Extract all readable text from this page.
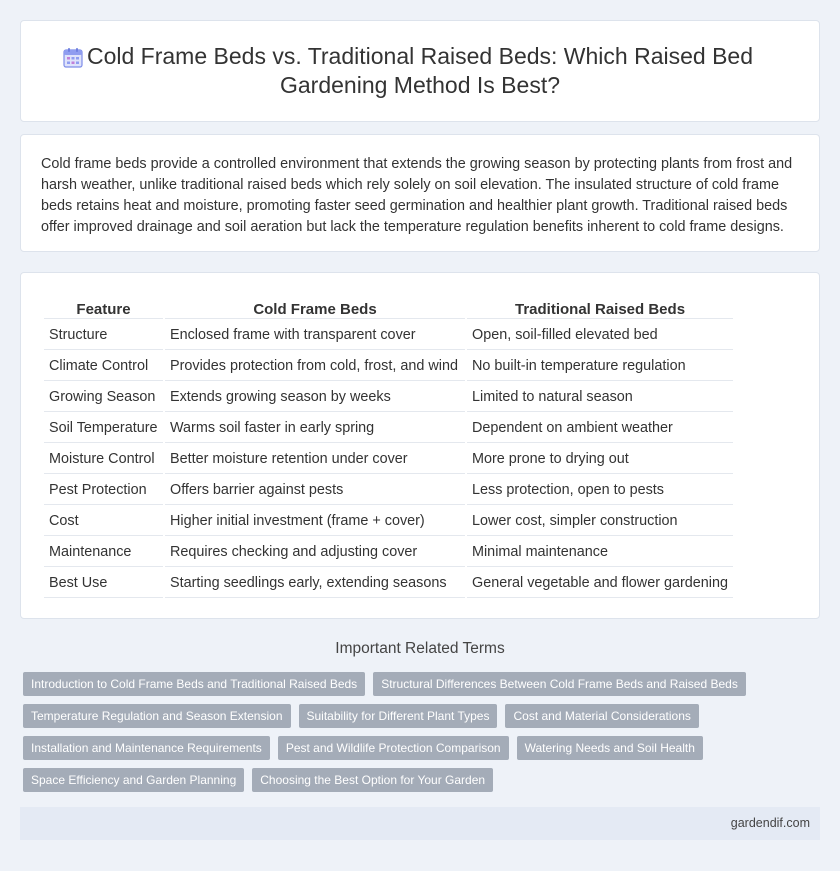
Cold Frame Beds vs. Traditional Raised Beds: Which Raised Bed Gardening Method Is Best?

Cold frame beds provide a controlled environment that extends the growing season by protecting plants from frost and harsh weather, unlike traditional raised beds which rely solely on soil elevation. The insulated structure of cold frame beds retains heat and moisture, promoting faster seed germination and healthier plant growth. Traditional raised beds offer improved drainage and soil aeration but lack the temperature regulation benefits inherent to cold frame designs.

Feature	Cold Frame Beds	Traditional Raised Beds
Structure	Enclosed frame with transparent cover	Open, soil-filled elevated bed
Climate Control	Provides protection from cold, frost, and wind	No built-in temperature regulation
Growing Season	Extends growing season by weeks	Limited to natural season
Soil Temperature	Warms soil faster in early spring	Dependent on ambient weather
Moisture Control	Better moisture retention under cover	More prone to drying out
Pest Protection	Offers barrier against pests	Less protection, open to pests
Cost	Higher initial investment (frame + cover)	Lower cost, simpler construction
Maintenance	Requires checking and adjusting cover	Minimal maintenance
Best Use	Starting seedlings early, extending seasons	General vegetable and flower gardening
Important Related Terms
Introduction to Cold Frame Beds and Traditional Raised Beds	Structural Differences Between Cold Frame Beds and Raised Beds
Temperature Regulation and Season Extension	Suitability for Different Plant Types	Cost and Material Considerations
Installation and Maintenance Requirements	Pest and Wildlife Protection Comparison	Watering Needs and Soil Health
Space Efficiency and Garden Planning	Choosing the Best Option for Your Garden
gardendif.com
